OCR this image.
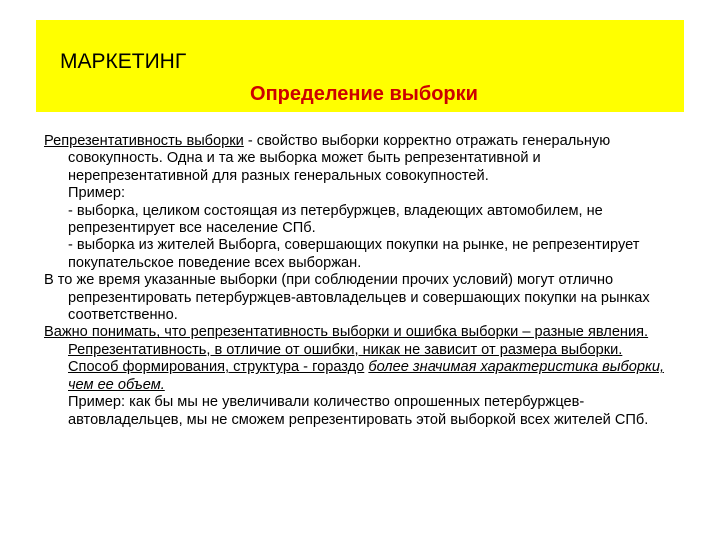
МАРКЕТИНГ
Определение выборки

Репрезентативность выборки - свойство выборки корректно отражать генеральную совокупность. Одна и та же выборка может быть репрезентативной и нерепрезентативной для разных генеральных совокупностей.
Пример:
- выборка, целиком состоящая из петербуржцев, владеющих автомобилем, не репрезентирует все население СПб.
- выборка из жителей Выборга, совершающих покупки на рынке, не репрезентирует покупательское поведение всех выборжан.

В то же время указанные выборки (при соблюдении прочих условий) могут отлично репрезентировать петербуржцев-автовладельцев и совершающих покупки на рынках соответственно.

Важно понимать, что репрезентативность выборки и ошибка выборки – разные явления. Репрезентативность, в отличие от ошибки, никак не зависит от размера выборки. Способ формирования, структура - гораздо более значимая характеристика выборки, чем ее объем.
Пример: как бы мы не увеличивали количество опрошенных петербуржцев-автовладельцев, мы не сможем репрезентировать этой выборкой всех жителей СПб.
